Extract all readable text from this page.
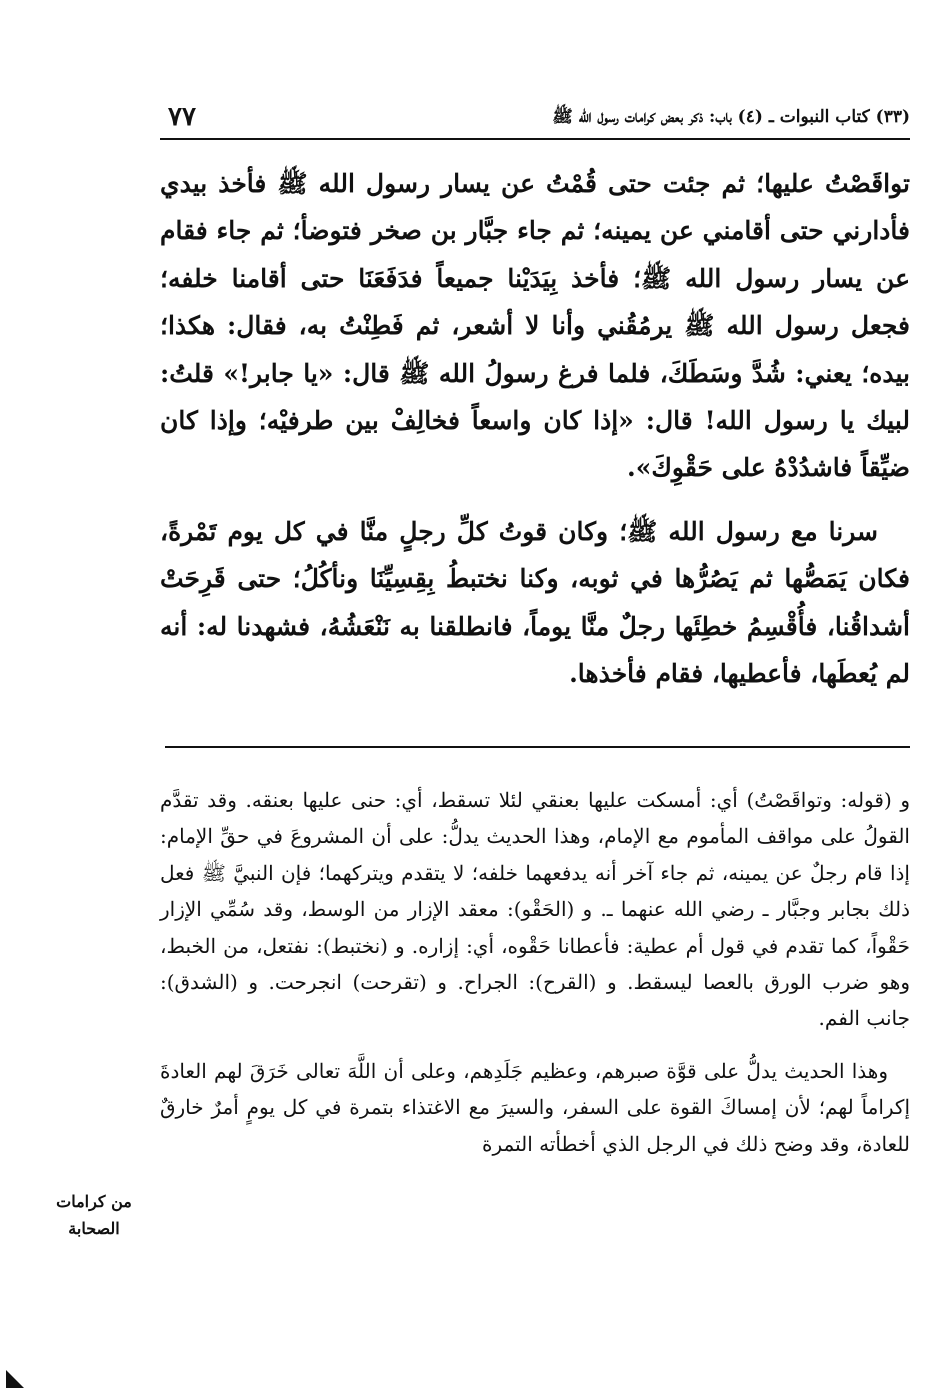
٧٧	(٣٣) كتاب النبوات ـ (٤) باب: ذكر بعض كرامات رسول الله ﷺ

تواقَصْتُ عليها؛ ثم جئت حتى قُمْتُ عن يسار رسول الله ﷺ فأخذ بيدي فأدارني حتى أقامني عن يمينه؛ ثم جاء جبَّار بن صخر فتوضأ؛ ثم جاء فقام عن يسار رسول الله ﷺ؛ فأخذ بِيَدَيْنا جميعاً فدَفَعَنَا حتى أقامنا خلفه؛ فجعل رسول الله ﷺ يرمُقُني وأنا لا أشعر، ثم فَطِنْتُ به، فقال: هكذا؛ بيده؛ يعني: شُدَّ وسَطَكَ، فلما فرغ رسولُ الله ﷺ قال: «يا جابر!» قلتُ: لبيك يا رسول الله! قال: «إذا كان واسعاً فخالِفْ بين طرفيْه؛ وإذا كان ضيِّقاً فاشدُدْهُ على حَقْوِكَ».

سرنا مع رسول الله ﷺ؛ وكان قوتُ كلِّ رجلٍ منَّا في كل يوم تَمْرةً، فكان يَمَصُّها ثم يَصُرُّها في ثوبه، وكنا نختبطُ بِقِسِيِّنَا ونأكُلُ؛ حتى قَرِحَتْ أشداقُنا، فأُقْسِمُ خطِئَها رجلٌ منَّا يوماً، فانطلقنا به نَنْعَشُهُ، فشهدنا له: أنه لم يُعطَها، فأعطيها، فقام فأخذها.

و (قوله: وتواقَصْتُ) أي: أمسكت عليها بعنقي لئلا تسقط، أي: حنى عليها بعنقه. وقد تقدَّم القولُ على مواقف المأموم مع الإمام، وهذا الحديث يدلُّ: على أن المشروعَ في حقِّ الإمام: إذا قام رجلٌ عن يمينه، ثم جاء آخر أنه يدفعهما خلفه؛ لا يتقدم ويتركهما؛ فإن النبيَّ ﷺ فعل ذلك بجابر وجبَّار ـ رضي الله عنهما ـ. و (الحَقْو): معقد الإزار من الوسط، وقد سُمِّي الإزار حَقْواً، كما تقدم في قول أم عطية: فأعطانا حَقْوه، أي: إزاره. و (نختبط): نفتعل، من الخبط، وهو ضرب الورق بالعصا ليسقط. و (القرح): الجراح. و (تقرحت) انجرحت. و (الشدق): جانب الفم.

وهذا الحديث يدلُّ على قوَّة صبرهم، وعظيم جَلَدِهم، وعلى أن اللَّهَ تعالى خَرَقَ لهم العادةَ إكراماً لهم؛ لأن إمساكَ القوة على السفر، والسيرَ مع الاغتذاء بتمرة في كل يومٍ أمرٌ خارقٌ للعادة، وقد وضح ذلك في الرجل الذي أخطأته التمرة

من كرامات الصحابة
